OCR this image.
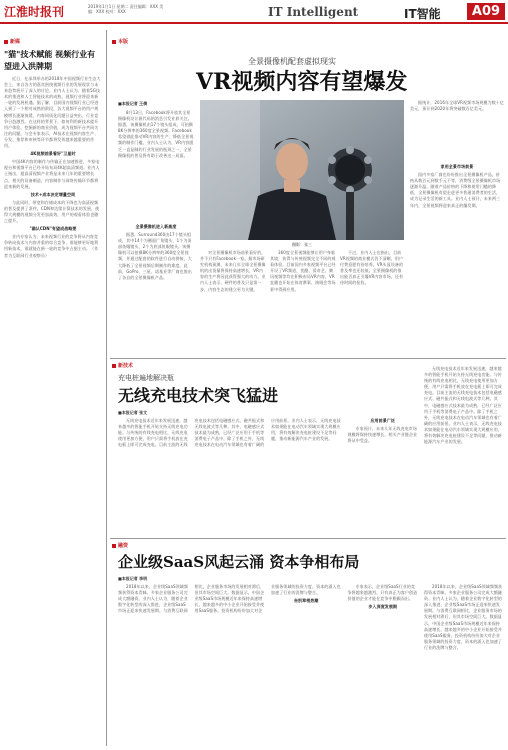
江淮时报刊	2019年1月1日 星期二 责任编辑：XXX 美编：XXX 校对：XXX	IT Intelligent	IT智能	A09
新媒
"猫"技术赋能 视频行业有望进入洪牌期

近日，在深圳举办的2018年中国视频行业生态大会上，来自各方的嘉宾围绕视频行业的发展现状与未来趋势展开了深入的讨论。业内人士认为，随着5G技术的推进和人工智能技术的成熟，视频行业将迎来新一轮的发展机遇。据了解，目前国内视频行业已经进入到了一个相对成熟的阶段，各大视频平台的用户规模增长逐渐放缓，内容同质化问题日益突出，行业竞争日趋激烈。在这样的背景下，如何利用新技术提升用户体验、挖掘新的商业价值，成为视频平台共同关注的问题。与会专家表示，AI技术在视频内容生产、分发、推荐和审核等环节都将发挥越来越重要的作用。

4K视频前景看好"卫星时

中国4K内容的制作与传输正在加速推进，多家电视台和视频平台已经开始布局4K超高清频道。业内人士指出，超高清视频产业将是未来几年的重要增长点，相关的设备制造、内容制作与网络传输环节都将迎来新的发展。

技术+成本决定增量空间

与此同时，带宽和存储成本的下降也为高清视频的普及提供了条件。CDN和边缘计算技术的发展，使得大规模的视频分发更加高效，用户的观看体验也随之提升。

"确认CDN"有望成战略要

业内专家认为，未来视频行业的竞争将从内容竞争转向技术与内容并重的综合竞争，谁能够更好地利用新技术，谁就能在新一轮的竞争中占据主动。（作者为互联网行业观察员）

本版
全景摄像机配套虚拟现实
VR视频内容有望爆发
■本报记者 王倩

8月13日，Facebook将开放其全景摄像机设计源代码的消息引发业界关注。据悉，该摄像机由17个镜头组成，可拍摄8K分辨率的360度全景视频。Facebook希望借此推动VR内容的生产，降低全景视频的制作门槛。业内人士认为，VR内容匮乏一直是制约行业发展的瓶颈之一，全景摄像机的普及将有助于改善这一局面。

全景摄像机进入新高度

据悉，Surround360由17个镜头组成，其中14个为侧面广角镜头，1个为顶部鱼眼镜头，2个为底部鱼眼镜头。该摄像机可以拍摄8K分辨率的360度全景视频，并通过配套的软件进行自动拼接，大大降低了全景视频后期制作的难度。此前，GoPro、三星、诺基亚等厂商也推出了各自的全景摄像机产品。

摄影：张三

对全景摄像机市场前景看好的，并不只有Facebook一家。据市场研究机构预测，未来几年全球全景摄像机的出货量将保持高速增长，VR内容的生产将因此获得强大的动力。业内人士表示，硬件的普及只是第一步，内容生态的建立更为关键。

360度全景视频能够让用户身临其境，获得与传统视频完全不同的观看体验。目前国内多家视频平台已经开设了VR频道，优酷、爱奇艺、腾讯视频等均在积极布局VR内容，VR直播也开始在体育赛事、演唱会等场景中得到应用。

不过，业内人士也指出，目前VR视频的商业模式仍不清晰，用户付费意愿有待培养，VR头显设备的普及率也还较低。全景摄像机的推出能否真正引爆VR内容市场，还有待时间的检验。

据统计，2016年全球VR视频市场规模为数十亿美元，预计到2020年将突破数百亿美元。

家用全景市场前景

国内多家厂商也纷纷推出全景摄像机产品，价格从数百元到数千元不等，消费级全景摄像机市场逐渐升温。随着产品价格的下降和使用门槛的降低，全景摄像机有望走进更多普通消费者的生活，成为记录生活的新工具。业内人士预计，未来两三年内，全景视频将迎来真正的爆发期。

新技术
充电桩遍地解决瓶
无线充电技术突飞猛进
■本报记者 张文

无线充电技术近年来发展迅速，越来越多的智能手机开始支持无线充电功能。与传统的有线充电相比，无线充电使用更加方便，用户只需将手机放在充电板上即可完成充电。目前主流的无线充电技术包括电磁感应式、磁共振式和无线电波式等几种。其中，电磁感应式技术最为成熟，已经广泛应用于手机等消费电子产品中。除了手机之外，无线充电技术在电动汽车领域也有着广阔的应用前景。业内人士表示，无线充电技术如果能在电动汽车领域实现大规模应用，将有效解决充电桩建设不足等问题，推动新能源汽车产业的发展。

应用前景广泛

专家预计，未来几年无线充电市场规模将保持快速增长，相关产业链企业将从中受益。

无线充电技术近年来发展迅速，越来越多的智能手机开始支持无线充电功能。与传统的有线充电相比，无线充电使用更加方便，用户只需将手机放在充电板上即可完成充电。目前主流的无线充电技术包括电磁感应式、磁共振式和无线电波式等几种。其中，电磁感应式技术最为成熟，已经广泛应用于手机等消费电子产品中。除了手机之外，无线充电技术在电动汽车领域也有着广阔的应用前景。业内人士表示，无线充电技术如果能在电动汽车领域实现大规模应用，将有效解决充电桩建设不足等问题，推动新能源汽车产业的发展。

融资
企业级SaaS风起云涌 资本争相布局
■本报记者 李明

2018年以来，企业级SaaS领域频频获得资本青睐，多家企业服务公司完成大额融资。业内人士认为，随着企业数字化转型的深入推进，企业级SaaS市场正迎来快速发展期。与消费互联网相比，企业服务市场的发展相对滞后，但其市场空间巨大。数据显示，中国企业级SaaS市场规模近年来保持高速增长，越来越多的中小企业开始接受并使用SaaS服务。投资机构纷纷加大对企业服务领域的投资力度，资本的涌入也加速了行业的洗牌与整合。

告别草根热潮

专家表示，企业级SaaS行业的竞争将越来越激烈，只有真正为客户创造价值的企业才能在竞争中脱颖而出。

步入深度发展期

2018年以来，企业级SaaS领域频频获得资本青睐，多家企业服务公司完成大额融资。业内人士认为，随着企业数字化转型的深入推进，企业级SaaS市场正迎来快速发展期。与消费互联网相比，企业服务市场的发展相对滞后，但其市场空间巨大。数据显示，中国企业级SaaS市场规模近年来保持高速增长，越来越多的中小企业开始接受并使用SaaS服务。投资机构纷纷加大对企业服务领域的投资力度，资本的涌入也加速了行业的洗牌与整合。
